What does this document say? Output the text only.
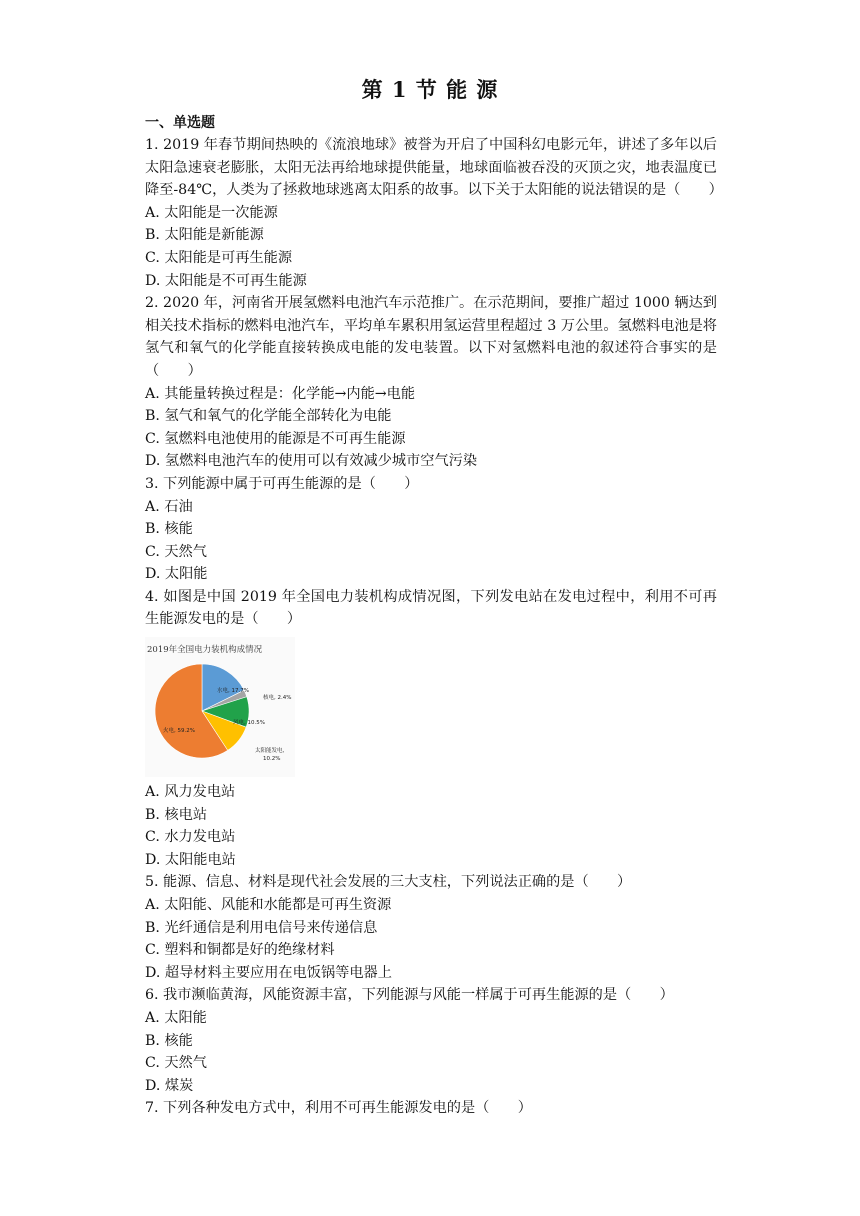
第 1 节 能 源
一、单选题

1. 2019 年春节期间热映的《流浪地球》被誉为开启了中国科幻电影元年，讲述了多年以后太阳急速衰老膨胀，太阳无法再给地球提供能量，地球面临被吞没的灭顶之灾，地表温度已降至-84℃，人类为了拯救地球逃离太阳系的故事。以下关于太阳能的说法错误的是（　　）

A. 太阳能是一次能源

B. 太阳能是新能源

C. 太阳能是可再生能源

D. 太阳能是不可再生能源

2. 2020 年，河南省开展氢燃料电池汽车示范推广。在示范期间，要推广超过 1000 辆达到相关技术指标的燃料电池汽车，平均单车累积用氢运营里程超过 3 万公里。氢燃料电池是将氢气和氧气的化学能直接转换成电能的发电装置。以下对氢燃料电池的叙述符合事实的是（　　）

A. 其能量转换过程是：化学能→内能→电能

B. 氢气和氧气的化学能全部转化为电能

C. 氢燃料电池使用的能源是不可再生能源

D. 氢燃料电池汽车的使用可以有效减少城市空气污染

3. 下列能源中属于可再生能源的是（　　）

A. 石油

B. 核能

C. 天然气

D. 太阳能

4. 如图是中国 2019 年全国电力装机构成情况图，下列发电站在发电过程中，利用不可再生能源发电的是（　　）

水电, 17.7%
核电, 2.4%
风电, 10.5%
太阳能发电,
10.2%
火电, 59.2%
2019年全国电力装机构成情况

A. 风力发电站

B. 核电站

C. 水力发电站

D. 太阳能电站

5. 能源、信息、材料是现代社会发展的三大支柱，下列说法正确的是（　　）

A. 太阳能、风能和水能都是可再生资源

B. 光纤通信是利用电信号来传递信息

C. 塑料和铜都是好的绝缘材料

D. 超导材料主要应用在电饭锅等电器上

6. 我市濒临黄海，风能资源丰富，下列能源与风能一样属于可再生能源的是（　　）

A. 太阳能

B. 核能

C. 天然气

D. 煤炭

7. 下列各种发电方式中，利用不可再生能源发电的是（　　）
